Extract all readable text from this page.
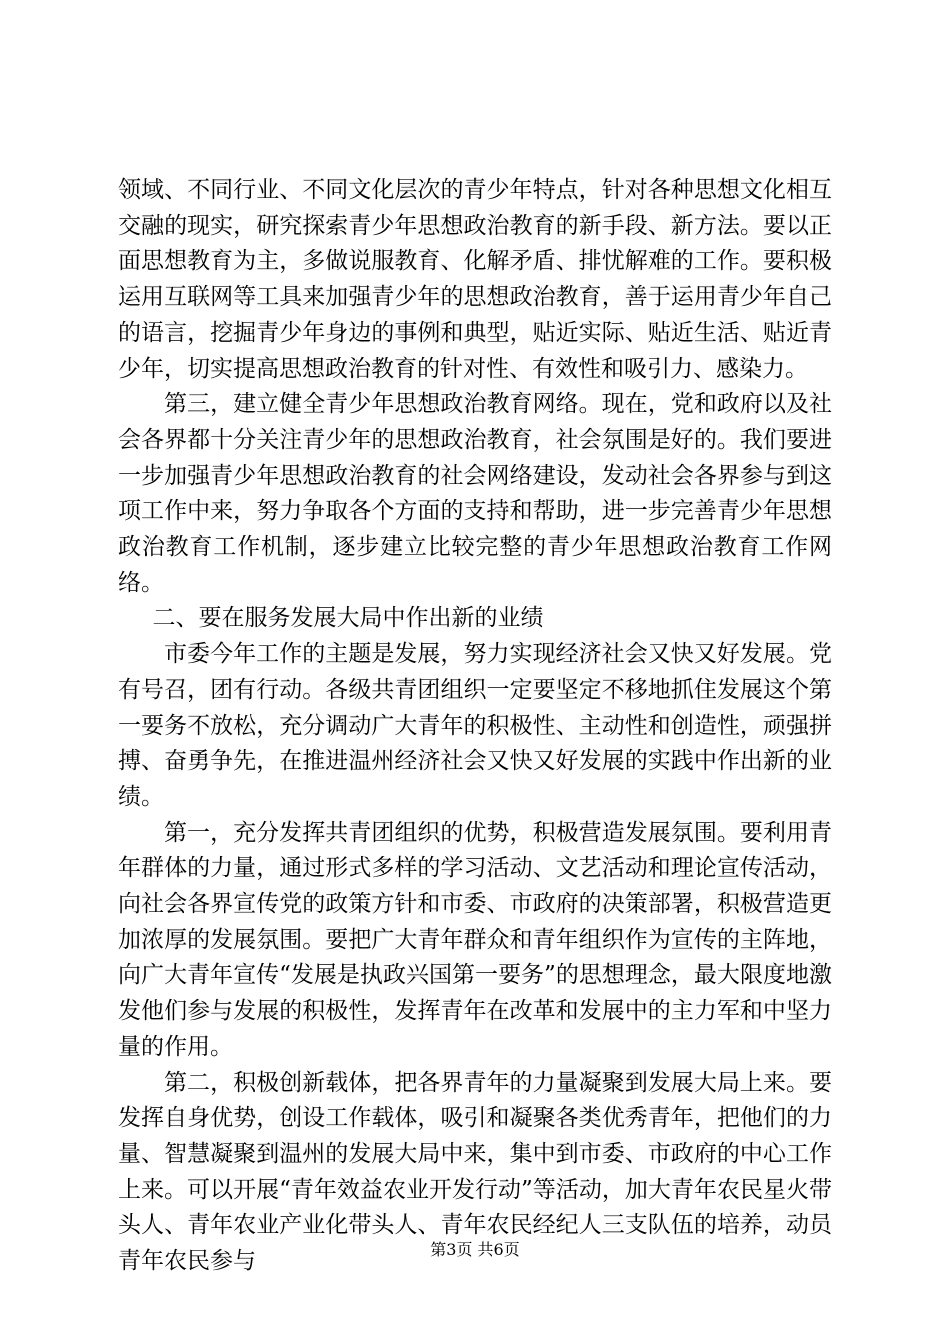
领域、不同行业、不同文化层次的青少年特点，针对各种思想文化相互交融的现实，研究探索青少年思想政治教育的新手段、新方法。要以正面思想教育为主，多做说服教育、化解矛盾、排忧解难的工作。要积极运用互联网等工具来加强青少年的思想政治教育，善于运用青少年自己的语言，挖掘青少年身边的事例和典型，贴近实际、贴近生活、贴近青少年，切实提高思想政治教育的针对性、有效性和吸引力、感染力。

第三，建立健全青少年思想政治教育网络。现在，党和政府以及社会各界都十分关注青少年的思想政治教育，社会氛围是好的。我们要进一步加强青少年思想政治教育的社会网络建设，发动社会各界参与到这项工作中来，努力争取各个方面的支持和帮助，进一步完善青少年思想政治教育工作机制，逐步建立比较完整的青少年思想政治教育工作网络。

二、要在服务发展大局中作出新的业绩

市委今年工作的主题是发展，努力实现经济社会又快又好发展。党有号召，团有行动。各级共青团组织一定要坚定不移地抓住发展这个第一要务不放松，充分调动广大青年的积极性、主动性和创造性，顽强拼搏、奋勇争先，在推进温州经济社会又快又好发展的实践中作出新的业绩。

第一，充分发挥共青团组织的优势，积极营造发展氛围。要利用青年群体的力量，通过形式多样的学习活动、文艺活动和理论宣传活动，向社会各界宣传党的政策方针和市委、市政府的决策部署，积极营造更加浓厚的发展氛围。要把广大青年群众和青年组织作为宣传的主阵地，向广大青年宣传“发展是执政兴国第一要务”的思想理念，最大限度地激发他们参与发展的积极性，发挥青年在改革和发展中的主力军和中坚力量的作用。

第二，积极创新载体，把各界青年的力量凝聚到发展大局上来。要发挥自身优势，创设工作载体，吸引和凝聚各类优秀青年，把他们的力量、智慧凝聚到温州的发展大局中来，集中到市委、市政府的中心工作上来。可以开展“青年效益农业开发行动”等活动，加大青年农民星火带头人、青年农业产业化带头人、青年农民经纪人三支队伍的培养，动员青年农民参与	第3页 共6页
